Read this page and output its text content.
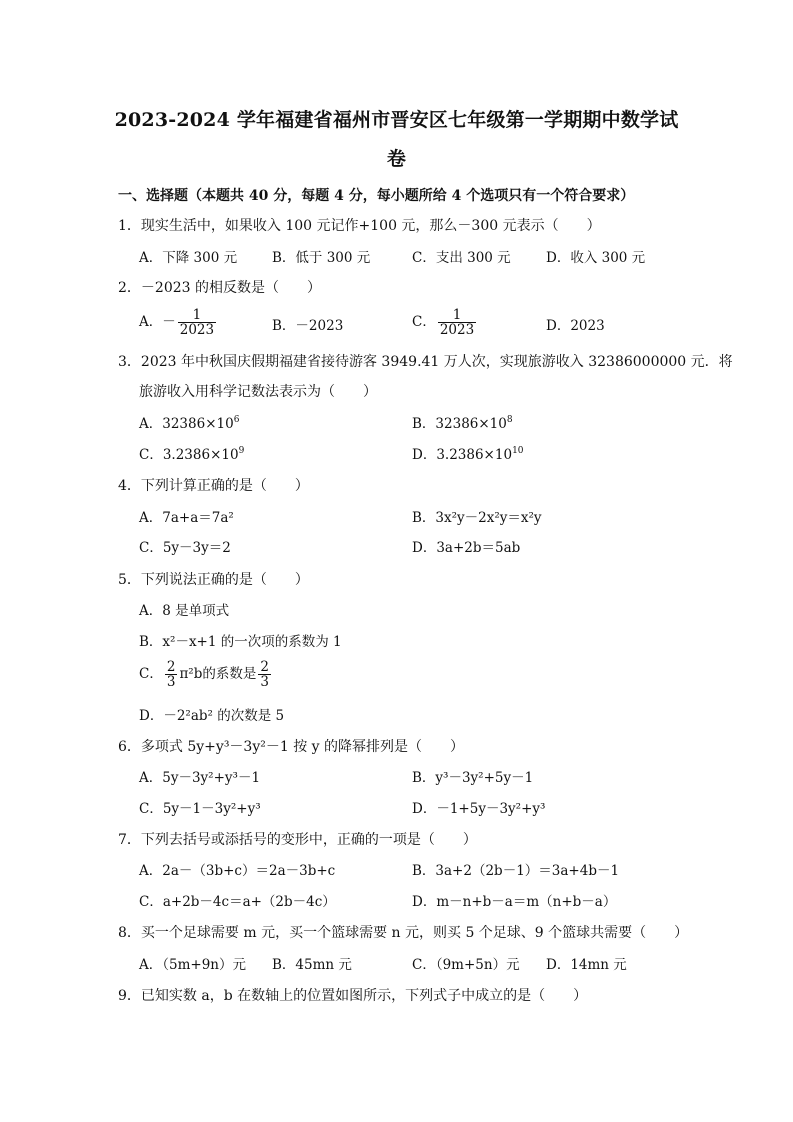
2023-2024 学年福建省福州市晋安区七年级第一学期期中数学试
卷
一、选择题（本题共 40 分，每题 4 分，每小题所给 4 个选项只有一个符合要求）
1．现实生活中，如果收入 100 元记作+100 元，那么－300 元表示（　　）
A．下降 300 元	B．低于 300 元	C．支出 300 元	D．收入 300 元
2．－2023 的相反数是（　　）
A．－ $\frac{1}{2023}$	B．－2023	C． $\frac{1}{2023}$	D．2023
3．2023 年中秋国庆假期福建省接待游客 3949.41 万人次，实现旅游收入 32386000000 元．将
旅游收入用科学记数法表示为（　　）
A．$32386\times 10^6$	B．$32386\times 10^8$
C．$3.2386\times 10^9$	D．$3.2386\times 10^{10}$
4．下列计算正确的是（　　）
A．7a+a＝7a²	B．3x²y－2x²y＝x²y
C．5y－3y＝2	D．3a+2b＝5ab
5．下列说法正确的是（　　）
A．8 是单项式
B．x²－x+1 的一次项的系数为 1
C． $\frac{2}{3} \pi^2b$的系数是 $\frac{2}{3}$
D．－2²ab² 的次数是 5
6．多项式 5y+y³－3y²－1 按 y 的降幂排列是（　　）
A．5y－3y²+y³－1	B．y³－3y²+5y－1
C．5y－1－3y²+y³	D．－1+5y－3y²+y³
7．下列去括号或添括号的变形中，正确的一项是（　　）
A．2a－（3b+c）＝2a－3b+c	B．3a+2（2b－1）＝3a+4b－1
C．a+2b－4c＝a+（2b－4c）	D．m－n+b－a＝m（n+b－a）
8．买一个足球需要 m 元，买一个篮球需要 n 元，则买 5 个足球、9 个篮球共需要（　　）
A．（5m+9n）元 B．45mn 元	C．（9m+5n）元 D．14mn 元
9．已知实数 a，b 在数轴上的位置如图所示，下列式子中成立的是（　　）
